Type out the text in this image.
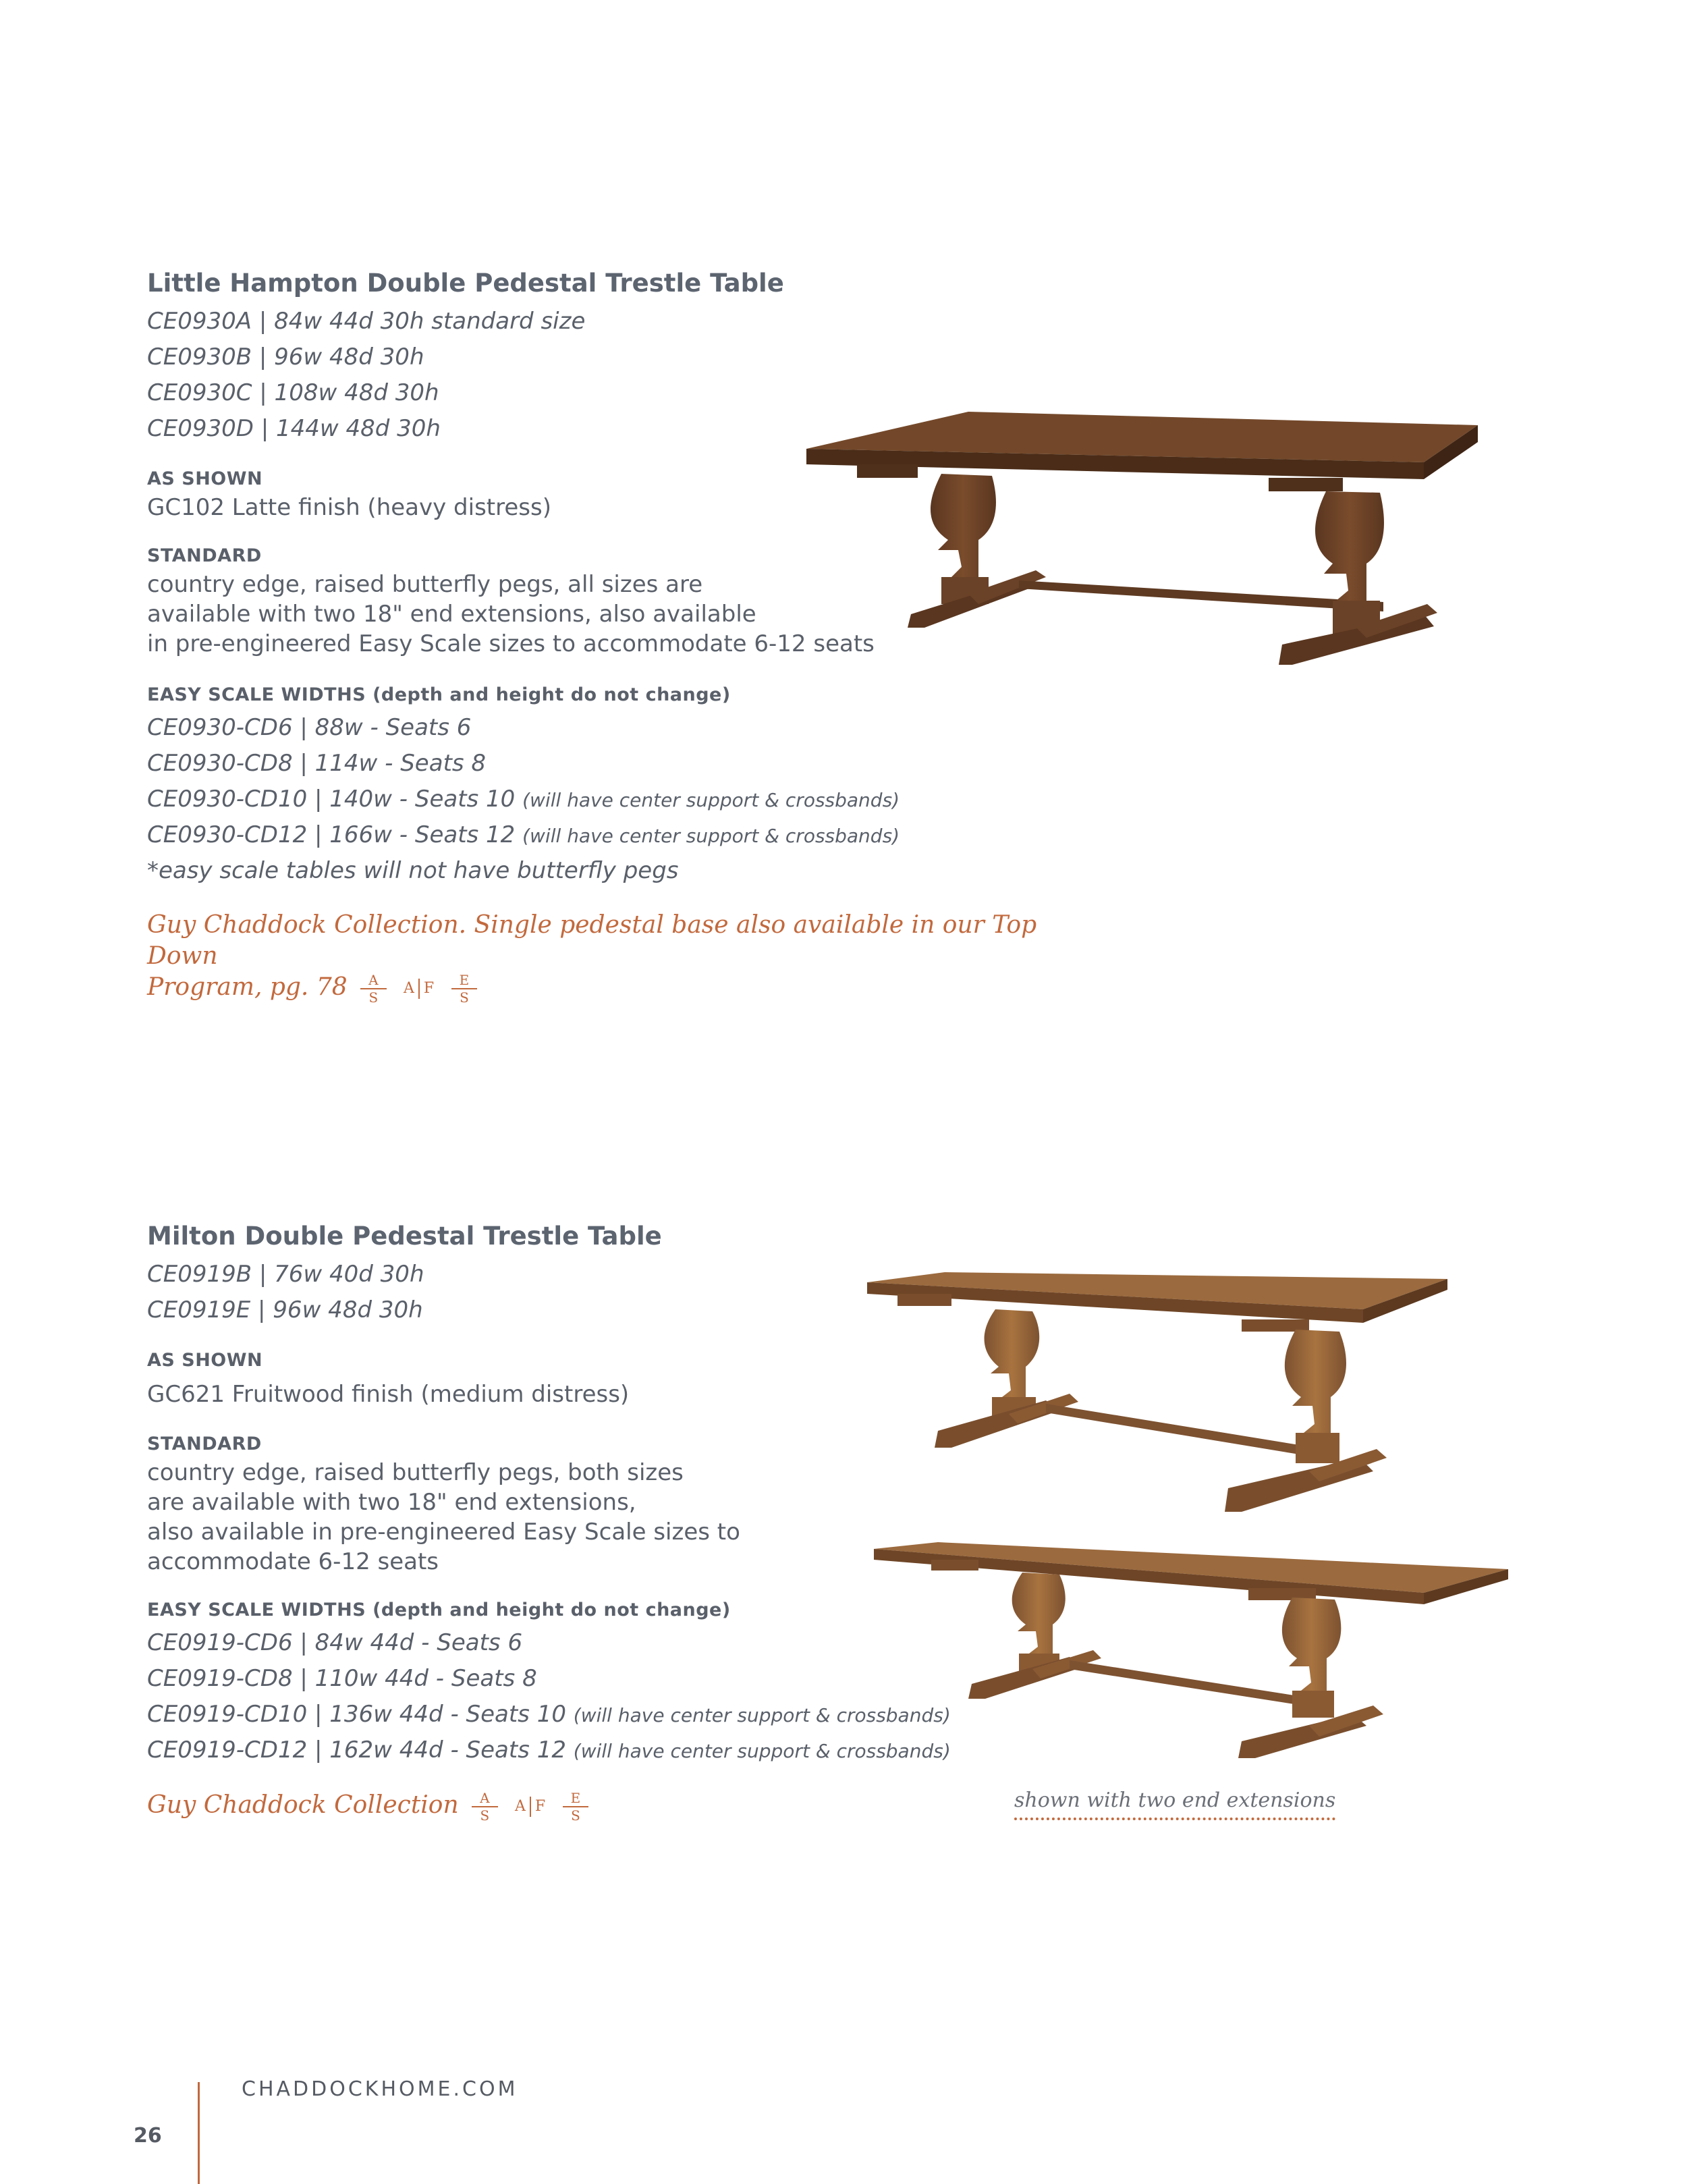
Little Hampton Double Pedestal Trestle Table
CE0930A | 84w 44d 30h standard size
CE0930B | 96w 48d 30h
CE0930C | 108w 48d 30h
CE0930D | 144w 48d 30h
AS SHOWN
GC102 Latte finish (heavy distress)
STANDARD
country edge, raised butterfly pegs, all sizes are
available with two 18" end extensions, also available
in pre-engineered Easy Scale sizes to accommodate 6-12 seats
EASY SCALE WIDTHS (depth and height do not change)
CE0930-CD6 | 88w - Seats 6
CE0930-CD8 | 114w - Seats 8
CE0930-CD10 | 140w - Seats 10 (will have center support & crossbands)
CE0930-CD12 | 166w - Seats 12 (will have center support & crossbands)
*easy scale tables will not have butterfly pegs
Guy Chaddock Collection. Single pedestal base also available in our Top Down
Program, pg. $78 \frac{A}{S}$ A F $\frac{E}{S}$
Milton Double Pedestal Trestle Table
CE0919B | 76w 40d 30h
CE0919E | 96w 48d 30h
AS SHOWN
GC621 Fruitwood finish (medium distress)
STANDARD
country edge, raised butterfly pegs, both sizes
are available with two 18" end extensions,
also available in pre-engineered Easy Scale sizes to
accommodate 6-12 seats
EASY SCALE WIDTHS (depth and height do not change)
CE0919-CD6 | 84w 44d - Seats 6
CE0919-CD8 | 110w 44d - Seats 8
CE0919-CD10 | 136w 44d - Seats 10 (will have center support & crossbands)
CE0919-CD12 | 162w 44d - Seats 12 (will have center support & crossbands)
Guy Chaddock Collection $\frac{A}{S}$ A F $\frac{E}{S}$	shown with two end extensions
CHADDOCKHOME.COM
26
